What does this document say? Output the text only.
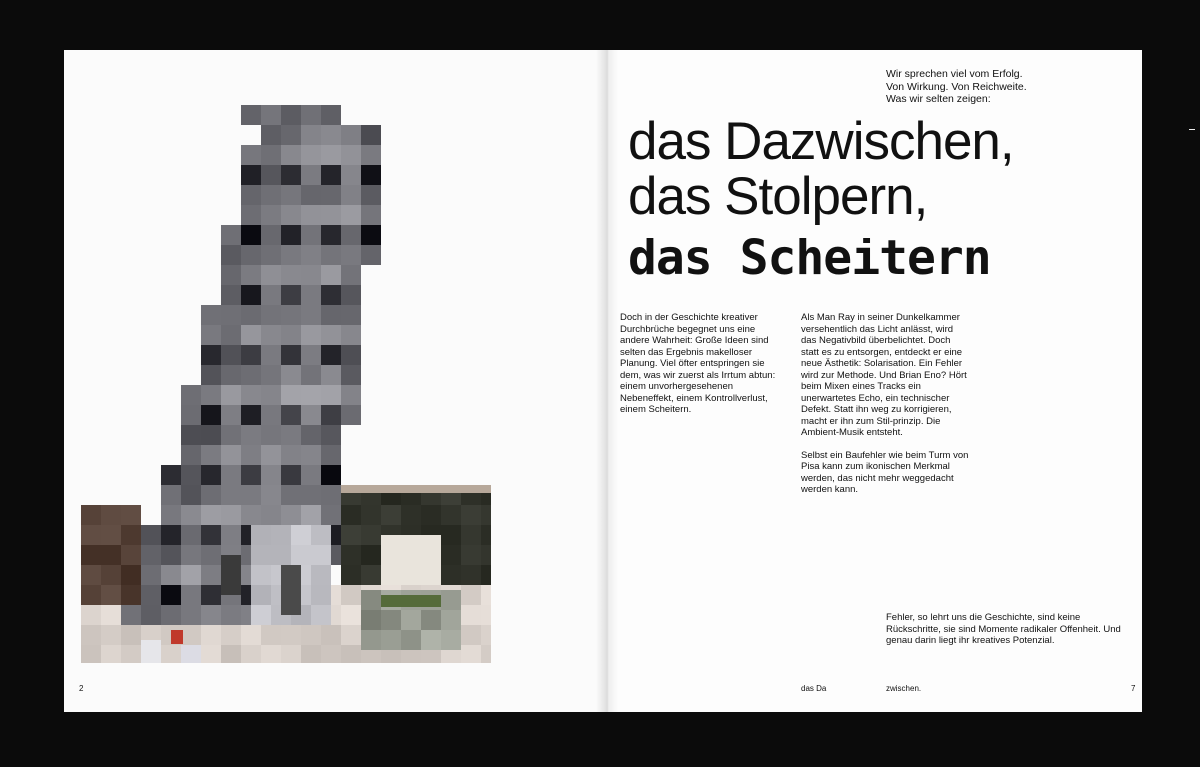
2
Wir sprechen viel vom Erfolg.
Von Wirkung. Von Reichweite.
Was wir selten zeigen:
das Dazwischen,
das Stolpern,
das Scheitern
Doch in der Geschichte kreativer Durchbrüche begegnet uns eine andere Wahrheit: Große Ideen sind selten das Ergebnis makelloser Planung. Viel öfter entspringen sie dem, was wir zuerst als Irrtum abtun: einem unvorhergesehenen Nebeneffekt, einem Kontrollverlust, einem Scheitern.
Als Man Ray in seiner Dunkelkammer versehentlich das Licht anlässt, wird das Negativbild überbelichtet. Doch statt es zu entsorgen, entdeckt er eine neue Ästhetik: Solarisation. Ein Fehler wird zur Methode. Und Brian Eno? Hört beim Mixen eines Tracks ein unerwartetes Echo, ein technischer Defekt. Statt ihn weg zu korrigieren, macht er ihn zum Stil-prinzip. Die Ambient-Musik entsteht.
Selbst ein Baufehler wie beim Turm von Pisa kann zum ikonischen Merkmal werden, das nicht mehr weggedacht werden kann.
Fehler, so lehrt uns die Geschichte, sind keine Rückschritte, sie sind Momente radikaler Offenheit. Und genau darin liegt ihr kreatives Potenzial.
das Da	zwischen.	7
